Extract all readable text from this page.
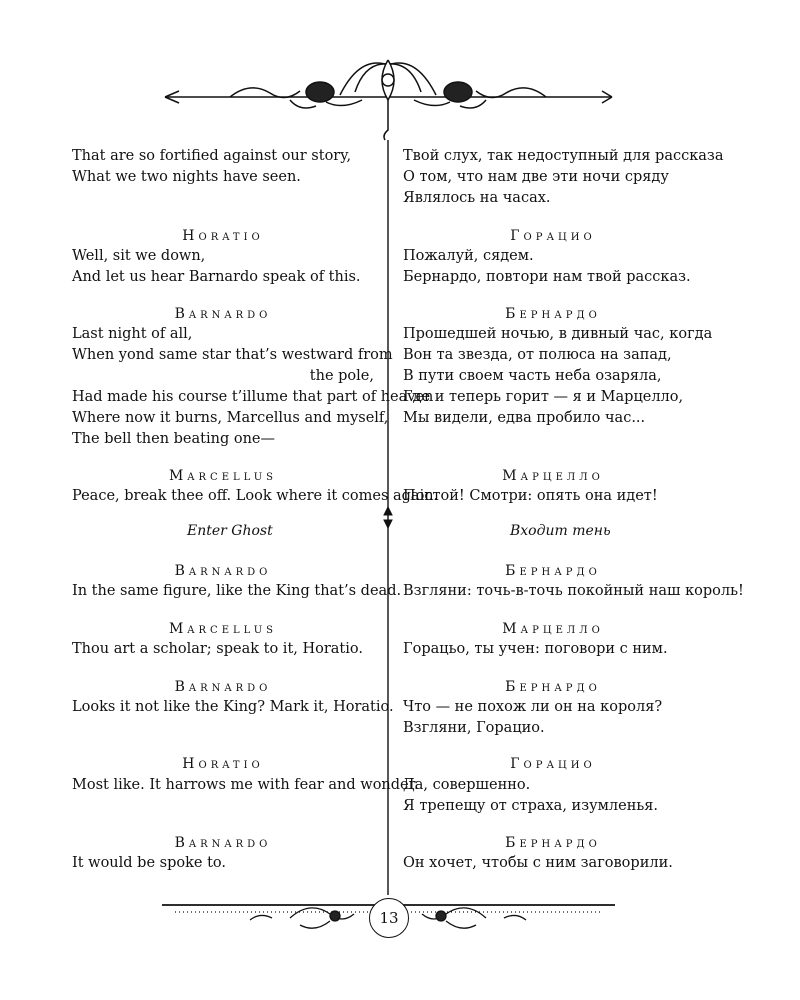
That are so fortified against our story,
What we two nights have seen.
Horatio
Well, sit we down,
And let us hear Barnardo speak of this.
Barnardo
Last night of all,
When yond same star that’s westward from
the pole,
Had made his course t’illume that part of heaven
Where now it burns, Marcellus and myself,
The bell then beating one—
Marcellus
Peace, break thee off. Look where it comes again.
Enter Ghost
Barnardo
In the same figure, like the King that’s dead.
Marcellus
Thou art a scholar; speak to it, Horatio.
Barnardo
Looks it not like the King? Mark it, Horatio.
Horatio
Most like. It harrows me with fear and wonder.
Barnardo
It would be spoke to.
Твой слух, так недоступный для рассказа
О том, что нам две эти ночи сряду
Являлось на часах.
Горацио
Пожалуй, сядем.
Бернардо, повтори нам твой рассказ.
Бернардо
Прошедшей ночью, в дивный час, когда
Вон та звезда, от полюса на запад,
В пути своем часть неба озаряла,
Где и теперь горит — я и Марцелло,
Мы видели, едва пробило час...
Марцелло
Постой! Смотри: опять она идет!
Входит тень
Бернардо
Взгляни: точь-в-точь покойный наш король!
Марцелло
Горацьо, ты учен: поговори с ним.
Бернардо
Что — не похож ли он на короля?
Взгляни, Горацио.
Горацио
Да, совершенно.
Я трепещу от страха, изумленья.
Бернардо
Он хочет, чтобы с ним заговорили.
13
